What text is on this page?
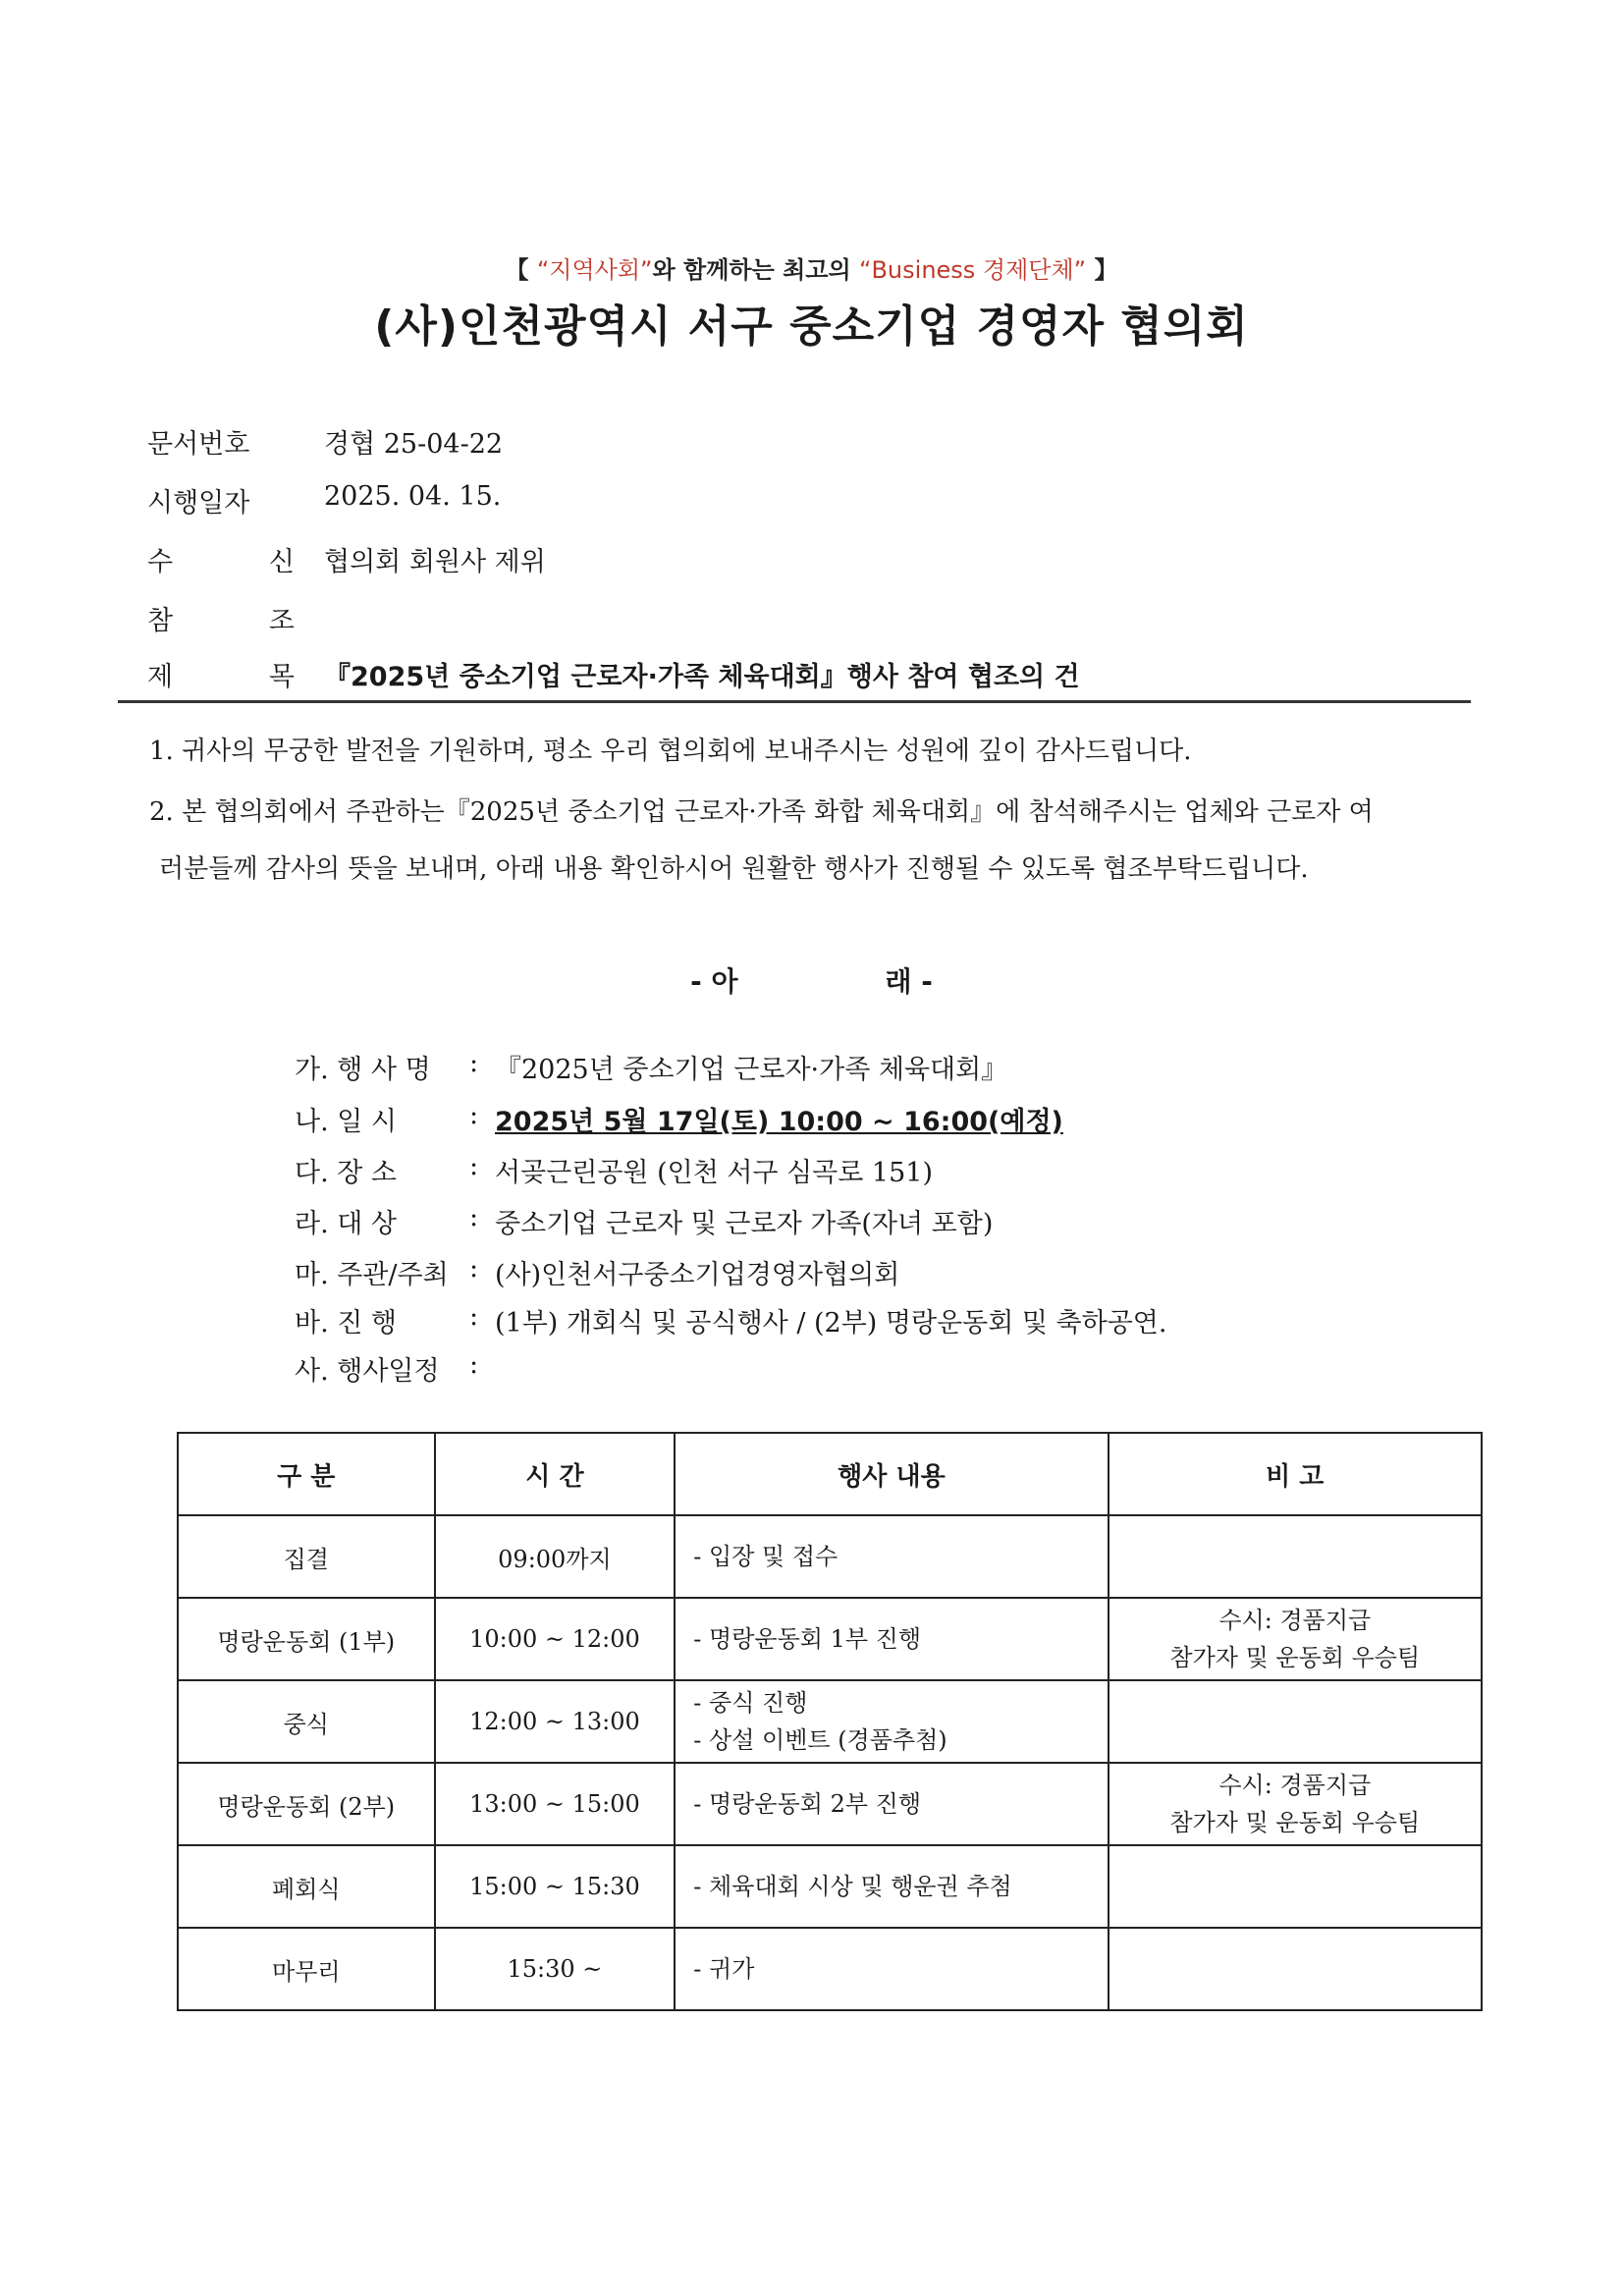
【 “지역사회”와 함께하는 최고의 “Business 경제단체” 】
(사)인천광역시 서구 중소기업 경영자 협의회
문서번호	경협 25-04-22
시행일자	2025. 04. 15.
수	신 협의회 회원사 제위
참	조
제	목 『2025년 중소기업 근로자·가족 체육대회』행사 참여 협조의 건
1. 귀사의 무궁한 발전을 기원하며, 평소 우리 협의회에 보내주시는 성원에 깊이 감사드립니다.
2. 본 협의회에서 주관하는『2025년 중소기업 근로자·가족 화합 체육대회』에 참석해주시는 업체와 근로자 여
러분들께 감사의 뜻을 보내며, 아래 내용 확인하시어 원활한 행사가 진행될 수 있도록 협조부탁드립니다.
- 아	래 -
가. 행 사 명	: 『2025년 중소기업 근로자·가족 체육대회』
나. 일 시	: 2025년 5월 17일(토) 10:00 ~ 16:00(예정)
다. 장 소	: 서곶근린공원 (인천 서구 심곡로 151)
라. 대 상	: 중소기업 근로자 및 근로자 가족(자녀 포함)
마. 주관/주최 : (사)인천서구중소기업경영자협의회
바. 진 행	: (1부) 개회식 및 공식행사 / (2부) 명랑운동회 및 축하공연.
사. 행사일정	:
구 분	시 간	행사 내용	비 고
집결	09:00까지	- 입장 및 접수	

명랑운동회 (1부)	10:00 ~ 12:00	- 명랑운동회 1부 진행	수시: 경품지급
참가자 및 운동회 우승팀

중식	12:00 ~ 13:00	- 중식 진행
- 상설 이벤트 (경품추첨)	

명랑운동회 (2부)	13:00 ~ 15:00	- 명랑운동회 2부 진행	수시: 경품지급
참가자 및 운동회 우승팀

폐회식	15:00 ~ 15:30	- 체육대회 시상 및 행운권 추첨	

마무리	15:30 ~	- 귀가	
